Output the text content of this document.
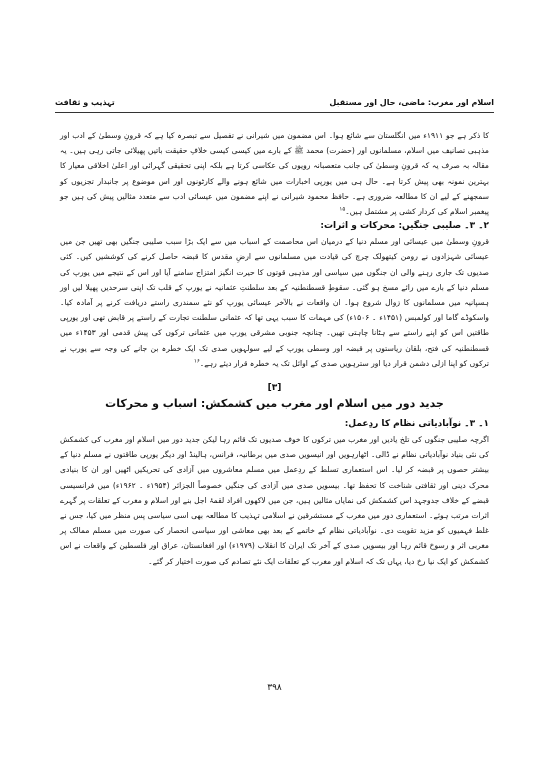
اسلام اور مغرب: ماضی، حال اور مستقبل
تہذیب و ثقافت

کا ذکر ہے جو ۱۹۱۱ء میں انگلستان سے شائع ہوا۔ اس مضمون میں شیرانی نے تفصیل سے تبصرہ کیا ہے کہ قرونِ وسطیٰ کے ادب اور مذہبی تصانیف میں اسلام، مسلمانوں اور (حضرت) محمد ﷺ کے بارے میں کیسی کیسی خلافِ حقیقت باتیں پھیلائی جاتی رہی ہیں۔ یہ مقالہ بہ صرف یہ کہ قرونِ وسطیٰ کی جانب متعصبانہ رویوں کی عکاسی کرتا ہے بلکہ اپنی تحقیقی گہرائی اور اعلیٰ اخلاقی معیار کا بہترین نمونہ بھی پیش کرتا ہے۔ حال ہی میں یورپی اخبارات میں شائع ہونے والے کارٹونوں اور اس موضوع پر جانبدار تجزیوں کو سمجھنے کے لیے ان کا مطالعہ ضروری ہے۔ حافظ محمود شیرانی نے اپنے مضمون میں عیسائی ادب سے متعدد مثالیں پیش کی ہیں جو پیغمبر اسلام کی کردار کشی پر مشتمل ہیں۔$^{۱۵}$

۲۔ ۳۔ صلیبی جنگیں: محرکات و اثرات:

قرونِ وسطیٰ میں عیسائی اور مسلم دنیا کے درمیان اس محاصمت کے اسباب میں سے ایک بڑا سبب صلیبی جنگیں بھی تھیں جن میں عیسائی شہزادوں نے رومن کیتھولک چرچ کی قیادت میں مسلمانوں سے ارضِ مقدس کا قبضہ حاصل کرنے کی کوششیں کیں۔ کئی صدیوں تک جاری رہنے والی ان جنگوں میں سیاسی اور مذہبی قوتوں کا حیرت انگیز امتزاج سامنے آیا اور اس کے نتیجے میں یورپ کی مسلم دنیا کے بارے میں رائے مسخ ہو گئی۔ سقوطِ قسطنطنیہ کے بعد سلطنتِ عثمانیہ نے یورپ کے قلب تک اپنی سرحدیں پھیلا لیں اور ہسپانیہ میں مسلمانوں کا زوال شروع ہوا۔ ان واقعات نے بالآخر عیسائی یورپ کو نئے سمندری راستے دریافت کرنے پر آمادہ کیا۔ واسکوڈے گاما اور کولمبس (۱۴۵۱ء ۔ ۱۵۰۶ء) کی مہمات کا سبب یہی تھا کہ عثمانی سلطنت تجارت کے راستے پر قابض تھی اور یورپی طاقتیں اس کو اپنے راستے سے ہٹانا چاہتی تھیں۔ چنانچہ جنوبی مشرقی یورپ میں عثمانی ترکوں کی پیش قدمی اور ۱۴۵۳ء میں قسطنطنیہ کی فتح، بلقان ریاستوں پر قبضہ اور وسطی یورپ کے لیے سولہویں صدی تک ایک خطرہ بن جانے کی وجہ سے یورپ نے ترکوں کو اپنا ازلی دشمن قرار دیا اور سترہویں صدی کے اوائل تک یہ خطرہ قرار دیئے رہے۔$^{۱۶}$

[۳]
جدید دور میں اسلام اور مغرب میں کشمکش: اسباب و محرکات

۱۔ ۳۔ نوآبادیاتی نظام کا ردِعمل:

اگرچہ صلیبی جنگوں کی تلخ یادیں اور مغرب میں ترکوں کا خوف صدیوں تک قائم رہا لیکن جدید دور میں اسلام اور مغرب کی کشمکش کی نئی بنیاد نوآبادیاتی نظام نے ڈالی۔ اٹھارہویں اور انیسویں صدی میں برطانیہ، فرانس، ہالینڈ اور دیگر یورپی طاقتوں نے مسلم دنیا کے بیشتر حصوں پر قبضہ کر لیا۔ اس استعماری تسلط کے ردِعمل میں مسلم معاشروں میں آزادی کی تحریکیں اٹھیں اور ان کا بنیادی محرک دینی اور ثقافتی شناخت کا تحفظ تھا۔ بیسویں صدی میں آزادی کی جنگیں خصوصاً الجزائر (۱۹۵۴ء ۔ ۱۹۶۲ء) میں فرانسیسی قبضے کے خلاف جدوجہد اس کشمکش کی نمایاں مثالیں ہیں، جن میں لاکھوں افراد لقمۂ اجل بنے اور اسلام و مغرب کے تعلقات پر گہرے اثرات مرتب ہوئے۔ استعماری دور میں مغرب کے مستشرقین نے اسلامی تہذیب کا مطالعہ بھی اسی سیاسی پس منظر میں کیا، جس نے غلط فہمیوں کو مزید تقویت دی۔ نوآبادیاتی نظام کے خاتمے کے بعد بھی معاشی اور سیاسی انحصار کی صورت میں مسلم ممالک پر مغربی اثر و رسوخ قائم رہا اور بیسویں صدی کے آخر تک ایران کا انقلاب (۱۹۷۹ء) اور افغانستان، عراق اور فلسطین کے واقعات نے اس کشمکش کو ایک نیا رخ دیا، یہاں تک کہ اسلام اور مغرب کے تعلقات ایک نئے تصادم کی صورت اختیار کر گئے۔

۳۹۸
